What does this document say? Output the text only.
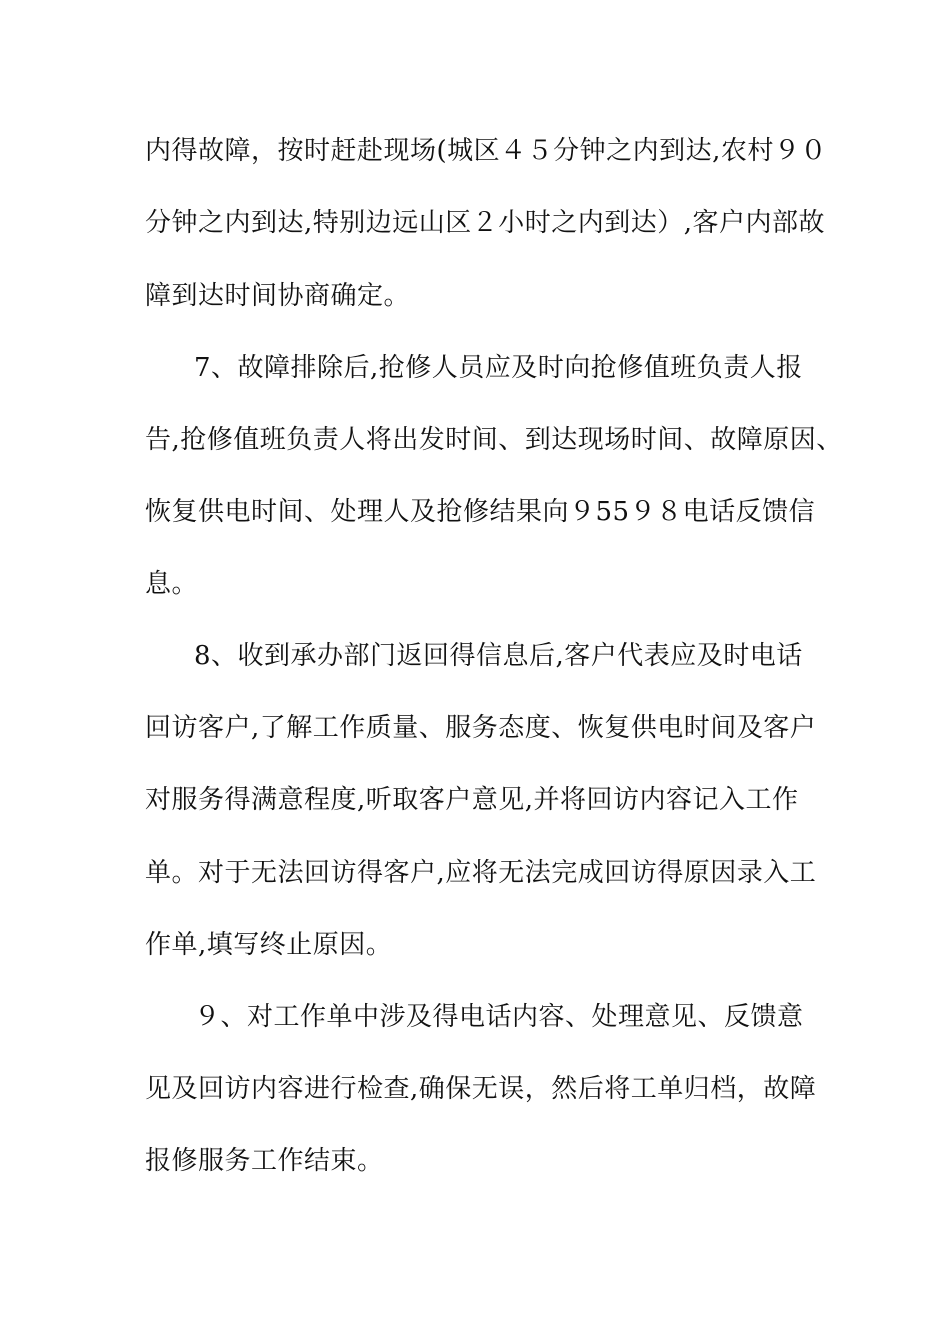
内得故障，按时赶赴现场(城区４５分钟之内到达,农村９０
分钟之内到达,特别边远山区２小时之内到达）,客户内部故
障到达时间协商确定。
7、故障排除后,抢修人员应及时向抢修值班负责人报
告,抢修值班负责人将出发时间、到达现场时间、故障原因、
恢复供电时间、处理人及抢修结果向９55９８电话反馈信
息。
8、收到承办部门返回得信息后,客户代表应及时电话
回访客户,了解工作质量、服务态度、恢复供电时间及客户
对服务得满意程度,听取客户意见,并将回访内容记入工作
单。对于无法回访得客户,应将无法完成回访得原因录入工
作单,填写终止原因。
９、对工作单中涉及得电话内容、处理意见、反馈意
见及回访内容进行检查,确保无误，然后将工单归档，故障
报修服务工作结束。
